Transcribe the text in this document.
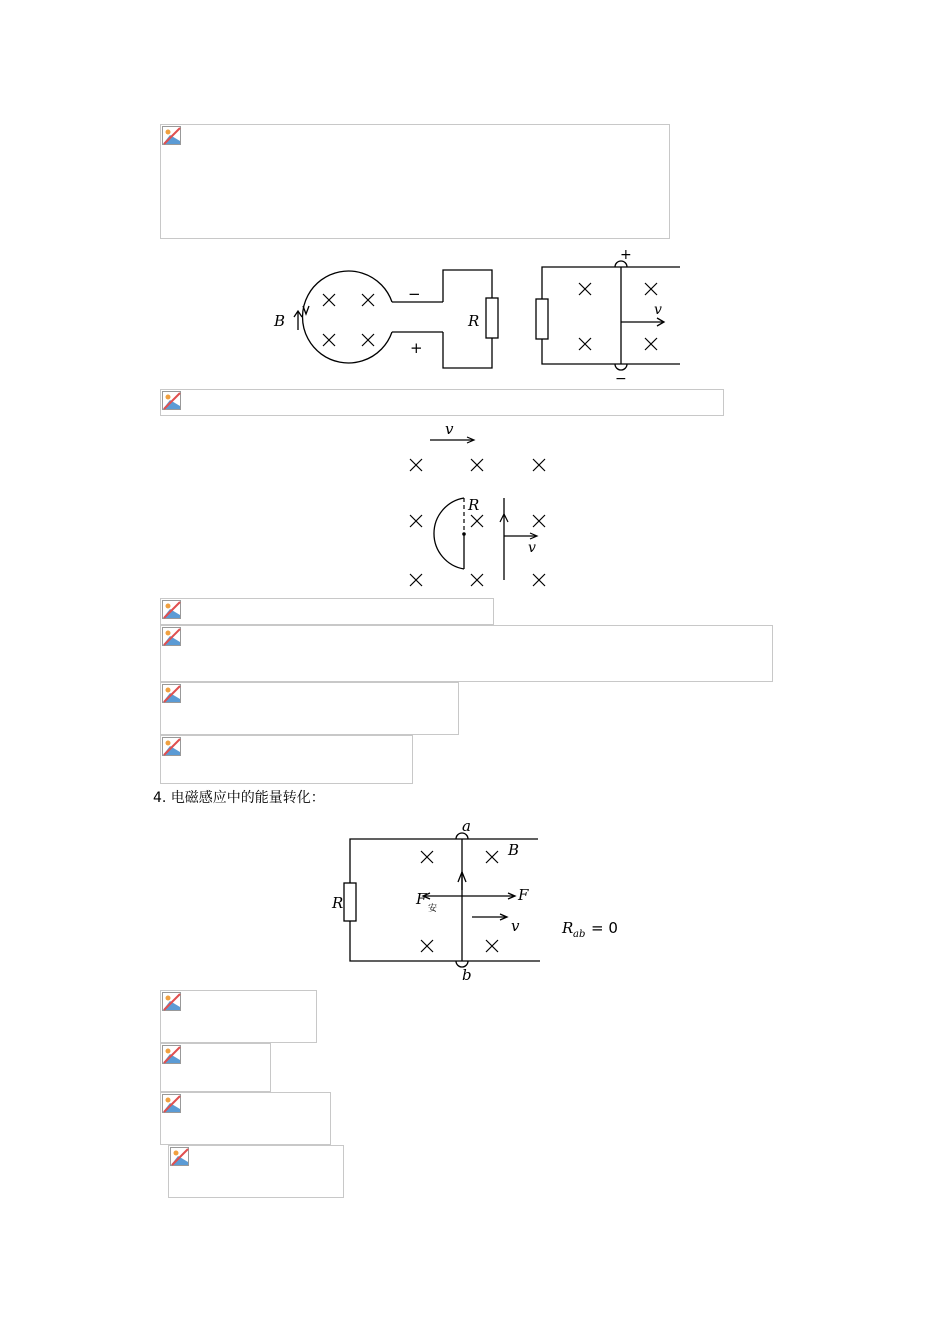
B	R
−
+
+
−
v
v
R
v
4. 电磁感应中的能量转化：
a
b
B
R	F
安
F
v	R ab = 0
